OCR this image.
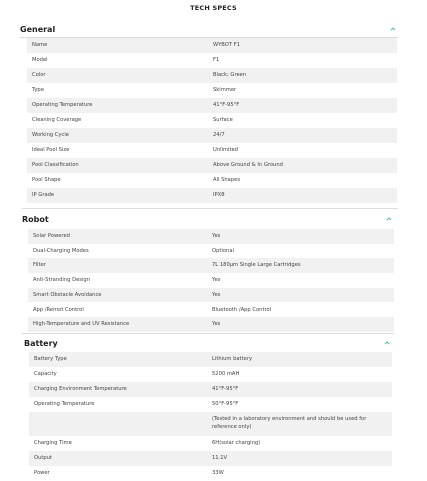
TECH SPECS
General
Name	WYBOT F1
Model	F1
Color	Black; Green
Type	Skimmer
Operating Temperature	41°F-95°F
Cleaning Coverage	Surface
Working Cycle	24/7
Ideal Pool Size	Unlimited
Pool Classification	Above Ground & In Ground
Pool Shape	All Shapes
IP Grade	IPX8
Robot
Solar Powered	Yes
Dual-Charging Modes	Optional
Filter	7L 180μm Single Large Cartridges
Anti-Stranding Design	Yes
Smart Obstacle Avoidance	Yes
App /Remot Control	Bluetooth /App Control
High-Temperature and UV Resistance	Yes
Battery
Battery Type	Lithium battery
Capacity	5200 mAH
Charging Environment Temperature	41°F-95°F
Operating Temperature	50°F-95°F
(Tested in a laboratory environment and should be used for reference only)
Charging Time	6H(solar charging)
Output	11.1V
Power	33W
